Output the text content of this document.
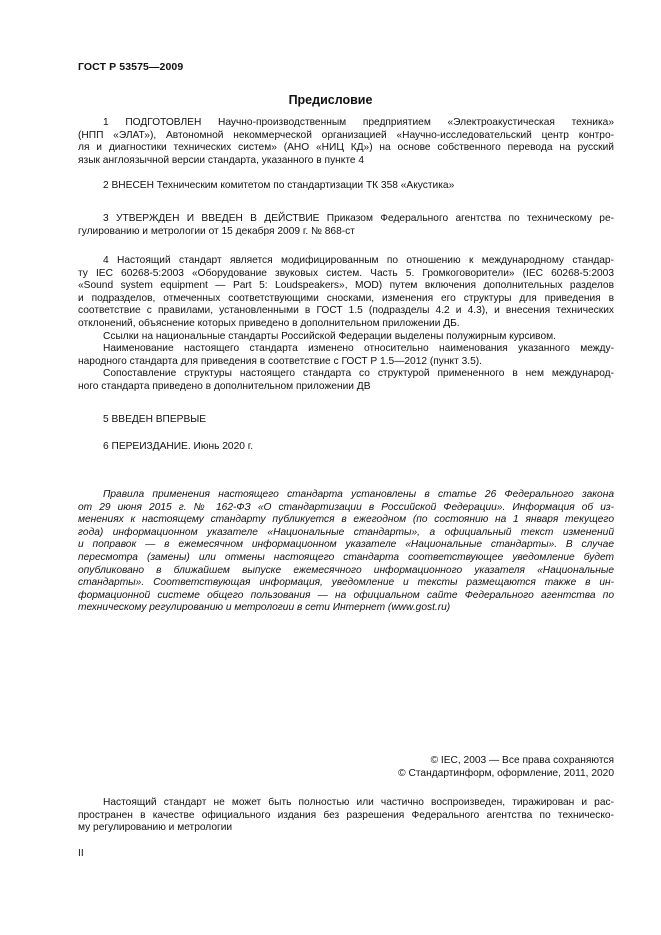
ГОСТ Р 53575—2009
Предисловие
1 ПОДГОТОВЛЕН Научно-производственным предприятием «Электроакустическая техника»
(НПП «ЭЛАТ»), Автономной некоммерческой организацией «Научно-исследовательский центр контро-
ля и диагностики технических систем» (АНО «НИЦ КД») на основе собственного перевода на русский
язык англоязычной версии стандарта, указанного в пункте 4
2 ВНЕСЕН Техническим комитетом по стандартизации ТК 358 «Акустика»
3 УТВЕРЖДЕН И ВВЕДЕН В ДЕЙСТВИЕ Приказом Федерального агентства по техническому ре-
гулированию и метрологии от 15 декабря 2009 г. № 868-ст
4 Настоящий стандарт является модифицированным по отношению к международному стандар-
ту IEC 60268-5:2003 «Оборудование звуковых систем. Часть 5. Громкоговорители» (IEC 60268-5:2003
«Sound system equipment — Part 5: Loudspeakers», MOD) путем включения дополнительных разделов
и подразделов, отмеченных соответствующими сносками, изменения его структуры для приведения в
соответствие с правилами, установленными в ГОСТ 1.5 (подразделы 4.2 и 4.3), и внесения технических
отклонений, объяснение которых приведено в дополнительном приложении ДБ.
Ссылки на национальные стандарты Российской Федерации выделены полужирным курсивом.
Наименование настоящего стандарта изменено относительно наименования указанного между-
народного стандарта для приведения в соответствие с ГОСТ Р 1.5—2012 (пункт 3.5).
Сопоставление структуры настоящего стандарта со структурой примененного в нем международ-
ного стандарта приведено в дополнительном приложении ДВ
5 ВВЕДЕН ВПЕРВЫЕ
6 ПЕРЕИЗДАНИЕ. Июнь 2020 г.
Правила применения настоящего стандарта установлены в статье 26 Федерального закона
от 29 июня 2015 г. № 162-ФЗ «О стандартизации в Российской Федерации». Информация об из-
менениях к настоящему стандарту публикуется в ежегодном (по состоянию на 1 января текущего
года) информационном указателе «Национальные стандарты», а официальный текст изменений
и поправок — в ежемесячном информационном указателе «Национальные стандарты». В случае
пересмотра (замены) или отмены настоящего стандарта соответствующее уведомление будет
опубликовано в ближайшем выпуске ежемесячного информационного указателя «Национальные
стандарты». Соответствующая информация, уведомление и тексты размещаются также в ин-
формационной системе общего пользования — на официальном сайте Федерального агентства по
техническому регулированию и метрологии в сети Интернет (www.gost.ru)
© IEC, 2003 — Все права сохраняются
© Стандартинформ, оформление, 2011, 2020
Настоящий стандарт не может быть полностью или частично воспроизведен, тиражирован и рас-
пространен в качестве официального издания без разрешения Федерального агентства по техническо-
му регулированию и метрологии
II
